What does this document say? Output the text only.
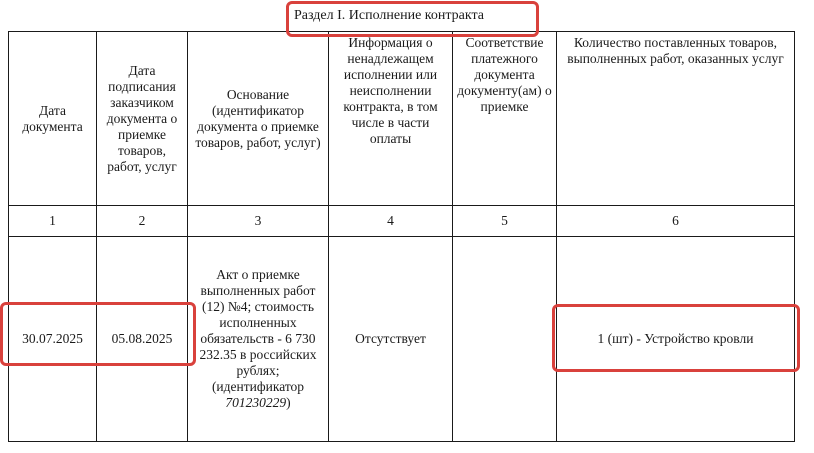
Раздел I. Исполнение контракта
Дата документа	Дата подписания заказчиком документа о приемке товаров, работ, услуг	Основание (идентификатор документа о приемке товаров, работ, услуг)	Информация о ненадлежащем исполнении или неисполнении контракта, в том числе в части оплаты	Соответствие платежного документа документу(ам) о приемке	Количество поставленных товаров, выполненных работ, оказанных услуг
1	2	3	4	5	6
30.07.2025	05.08.2025	Акт о приемке выполненных работ (12) №4; стоимость исполненных обязательств - 6 730 232.35 в российских рублях; (идентификатор 701230229)	Отсутствует		1 (шт) - Устройство кровли
